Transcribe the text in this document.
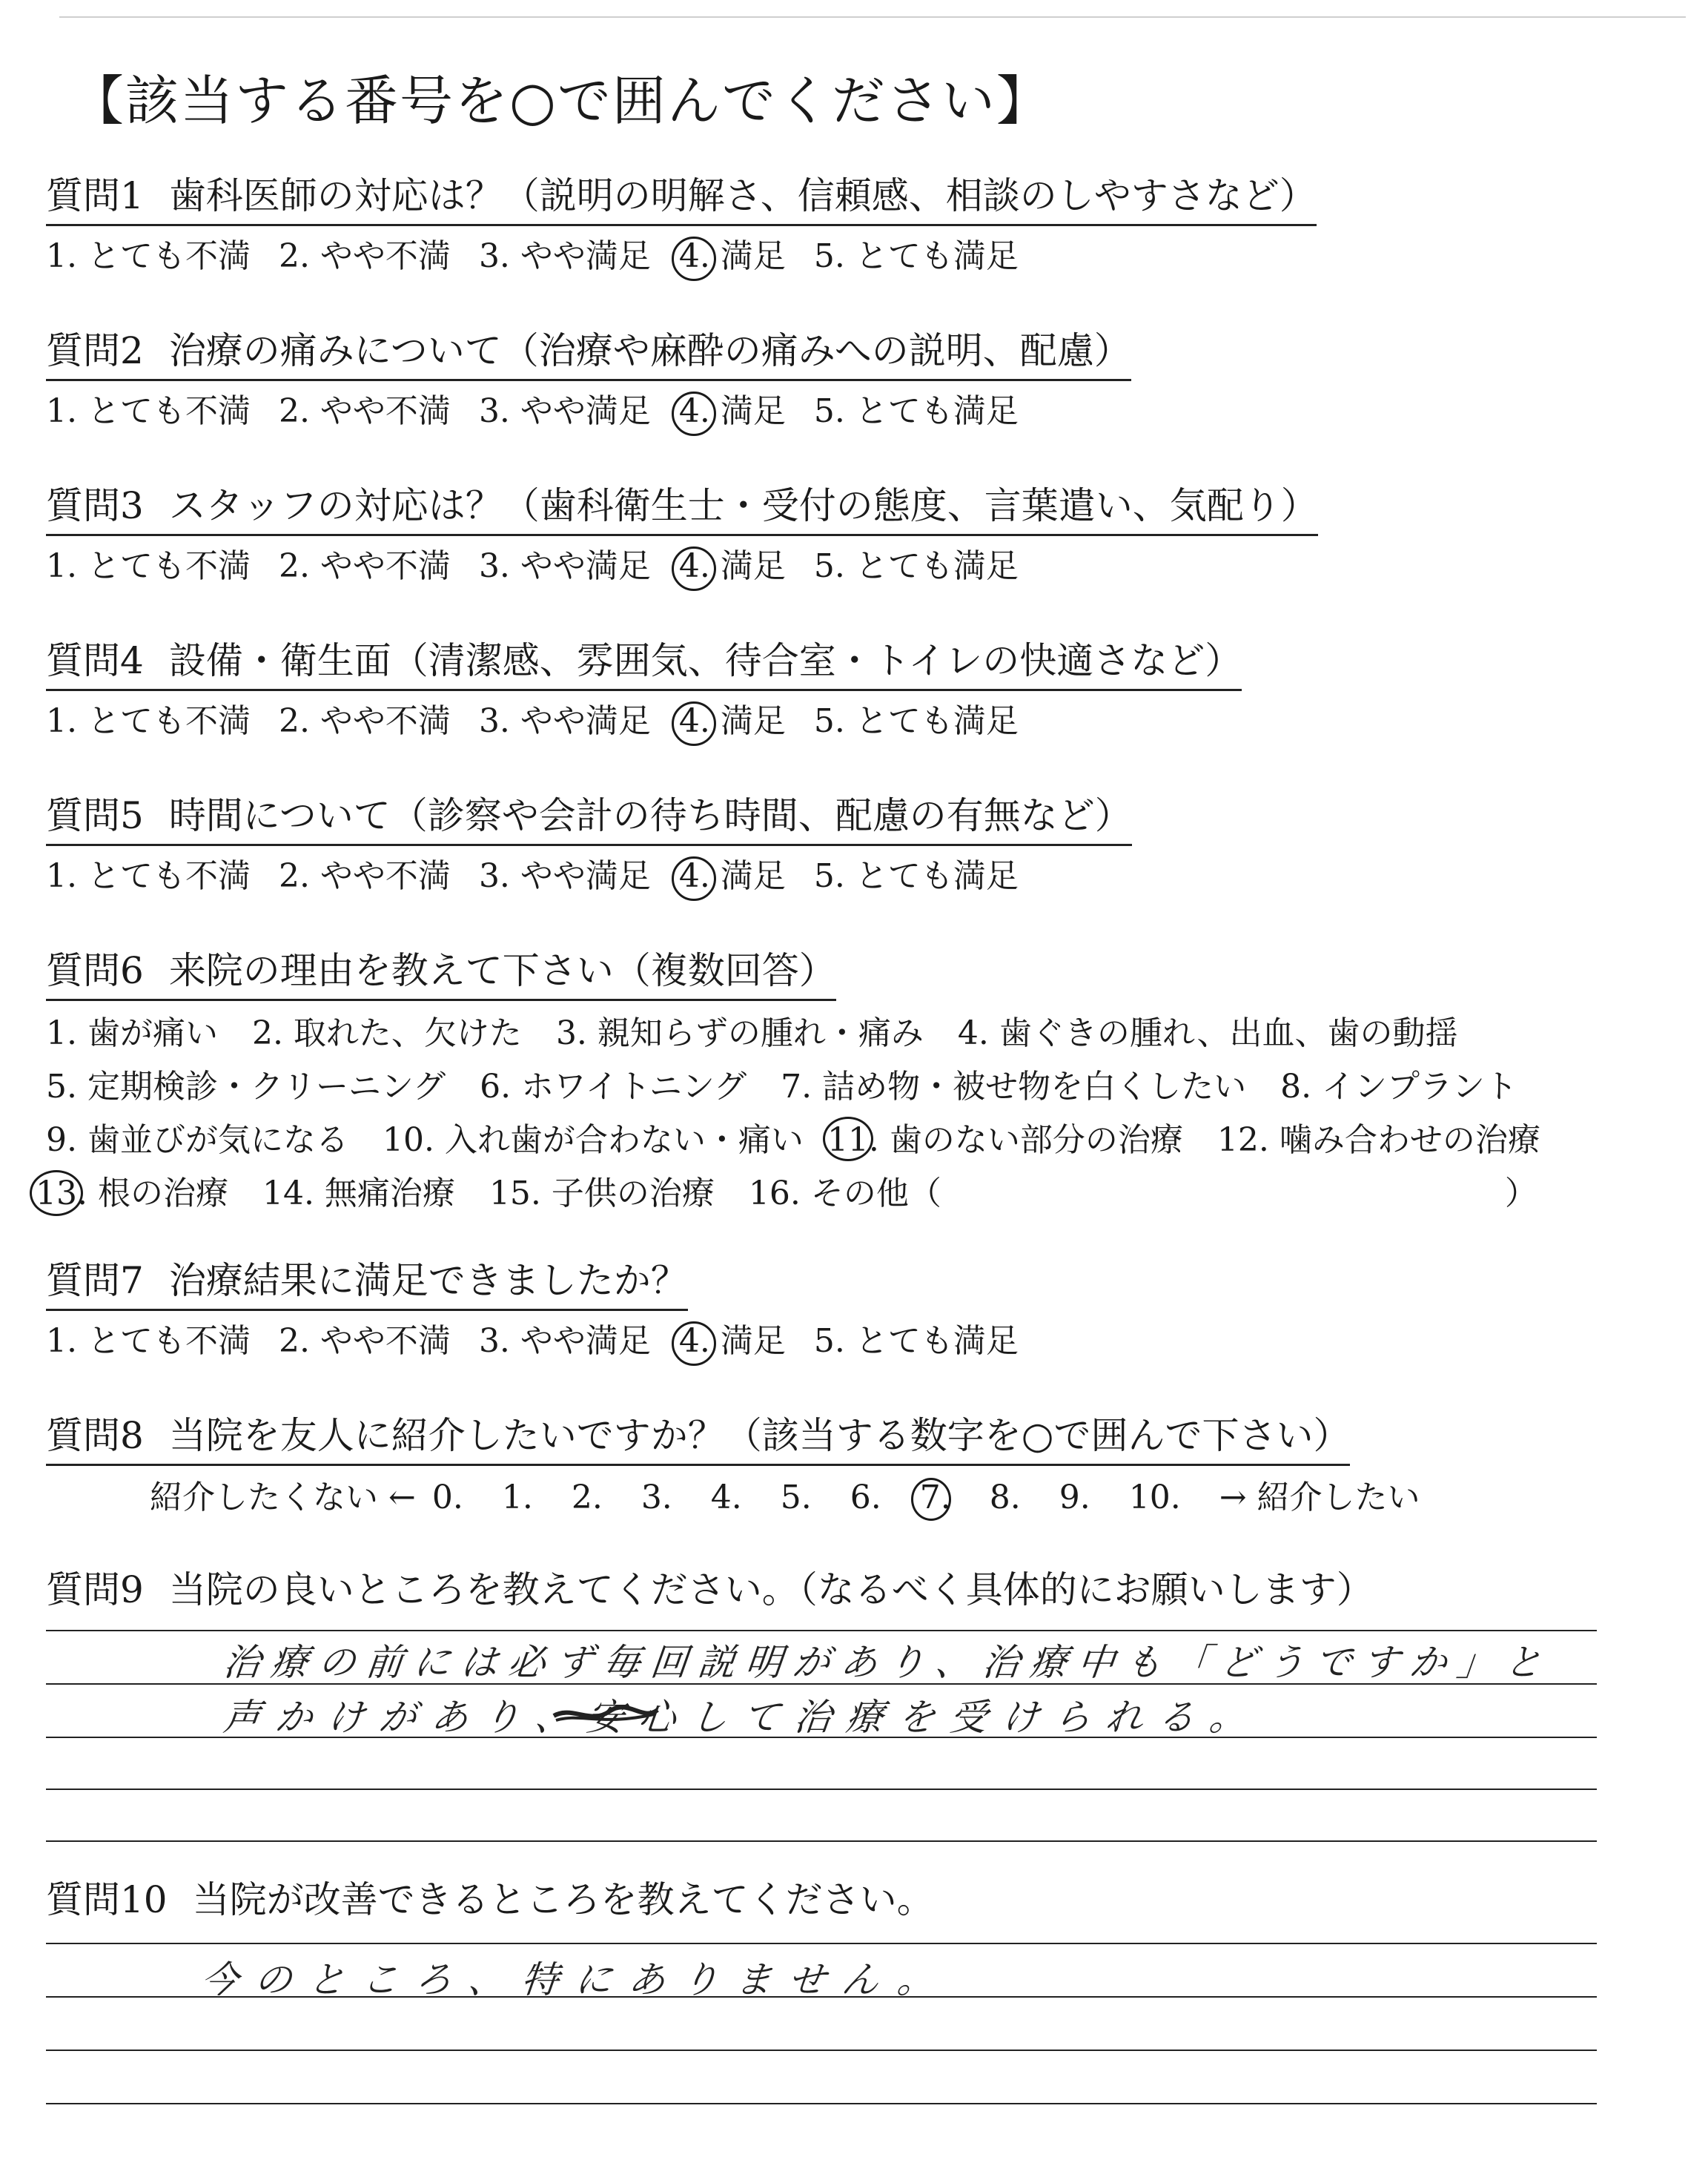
【該当する番号を○で囲んでください】
質問1 歯科医師の対応は？（説明の明解さ、信頼感、相談のしやすさなど）
1. とても不満 2. やや不満 3. やや満足 4. 満足 5. とても満足
質問2 治療の痛みについて（治療や麻酔の痛みへの説明、配慮）
1. とても不満 2. やや不満 3. やや満足 4. 満足 5. とても満足
質問3 スタッフの対応は？（歯科衛生士・受付の態度、言葉遣い、気配り）
1. とても不満 2. やや不満 3. やや満足 4. 満足 5. とても満足
質問4 設備・衛生面（清潔感、雰囲気、待合室・トイレの快適さなど）
1. とても不満 2. やや不満 3. やや満足 4. 満足 5. とても満足
質問5 時間について（診察や会計の待ち時間、配慮の有無など）
1. とても不満 2. やや不満 3. やや満足 4. 満足 5. とても満足
質問6 来院の理由を教えて下さい（複数回答）
1. 歯が痛い 2. 取れた、欠けた 3. 親知らずの腫れ・痛み 4. 歯ぐきの腫れ、出血、歯の動揺
5. 定期検診・クリーニング 6. ホワイトニング 7. 詰め物・被せ物を白くしたい 8. インプラント
9. 歯並びが気になる 10. 入れ歯が合わない・痛い 11. 歯のない部分の治療 12. 噛み合わせの治療
13. 根の治療 14. 無痛治療 15. 子供の治療 16. その他（	）
質問7 治療結果に満足できましたか？
1. とても不満 2. やや不満 3. やや満足 4. 満足 5. とても満足
質問8 当院を友人に紹介したいですか？（該当する数字を○で囲んで下さい）
紹介したくない ← 0. 1. 2. 3. 4. 5. 6. 7. 8. 9. 10. → 紹介したい
質問9 当院の良いところを教えてください。（なるべく具体的にお願いします）
治療の前には必ず毎回説明があり、治療中も「どうですか」と
声かけがあり、安心して治療を受けられる。
質問10 当院が改善できるところを教えてください。
今のところ、特にありません。
